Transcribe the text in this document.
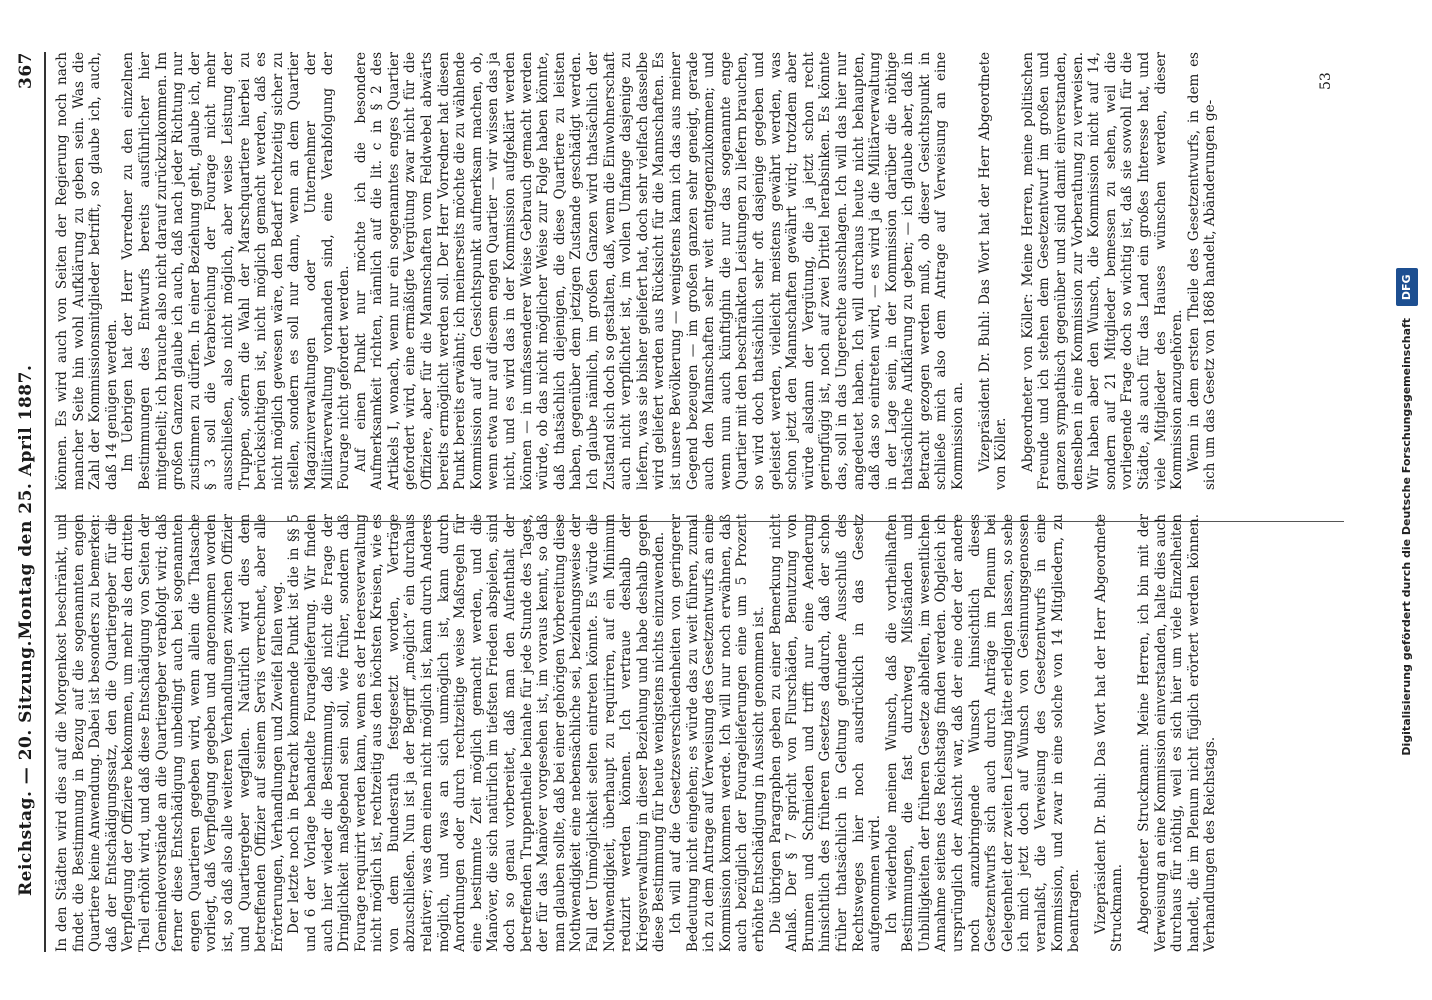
Reichstag. — 20. Sitzung.
Montag den 25. April 1887.
367

In den Städten wird dies auf die Morgenkost beschränkt, und findet die Bestimmung in Bezug auf die sogenannten engen Quartiere keine Anwendung. Dabei ist besonders zu bemerken: daß der Entschädigungssatz, den die Quartiergeber für die Verpflegung der Offiziere bekommen, um mehr als den dritten Theil erhöht wird, und daß diese Entschädigung von Seiten der Gemeindevorstände an die Quartiergeber verabfolgt wird; daß ferner diese Entschädigung unbedingt auch bei sogenannten engen Quartieren gegeben wird, wenn allein die Thatsache vorliegt, daß Verpflegung gegeben und angenommen worden ist, so daß also alle weiteren Verhandlungen zwischen Offizier und Quartiergeber wegfallen. Natürlich wird dies dem betreffenden Offizier auf seinem Servis verrechnet, aber alle Erörterungen, Verhandlungen und Zweifel fallen weg. Der letzte noch in Betracht kommende Punkt ist die in §§ 5 und 6 der Vorlage behandelte Fouragelieferung. Wir finden auch hier wieder die Bestimmung, daß nicht die Frage der Dringlichkeit maßgebend sein soll, wie früher, sondern daß Fourage requirirt werden kann, wenn es der Heeresverwaltung nicht möglich ist, rechtzeitig aus den höchsten Kreisen, wie es von dem Bundesrath festgesetzt worden, Verträge abzuschließen. Nun ist ja der Begriff „möglich“ ein durchaus relativer; was dem einen nicht möglich ist, kann durch Anderes möglich, und was an sich unmöglich ist, kann durch Anordnungen oder durch rechtzeitige weise Maßregeln für eine bestimmte Zeit möglich gemacht werden, und die Manöver, die sich natürlich im tiefsten Frieden abspielen, sind doch so genau vorbereitet, daß man den Aufenthalt der betreffenden Truppentheile beinahe für jede Stunde des Tages, der für das Manöver vorgesehen ist, im voraus kennt, so daß man glauben sollte, daß bei einer gehörigen Vorbereitung diese Nothwendigkeit eine nebensächliche sei, beziehungsweise der Fall der Unmöglichkeit selten eintreten könnte. Es würde die Nothwendigkeit, überhaupt zu requiriren, auf ein Minimum reduzirt werden können. Ich vertraue deshalb der Kriegsverwaltung in dieser Beziehung und habe deshalb gegen diese Bestimmung für heute wenigstens nichts einzuwenden. Ich will auf die Gesetzesverschiedenheiten von geringerer Bedeutung nicht eingehen; es würde das zu weit führen, zumal ich zu dem Antrage auf Verweisung des Gesetzentwurfs an eine Kommission kommen werde. Ich will nur noch erwähnen, daß auch bezüglich der Fouragelieferungen eine um 5 Prozent erhöhte Entschädigung in Aussicht genommen ist. Die übrigen Paragraphen geben zu einer Bemerkung nicht Anlaß. Der § 7 spricht von Flurschäden, Benutzung von Brunnen und Schmieden und trifft nur eine Aenderung hinsichtlich des früheren Gesetzes dadurch, daß der schon früher thatsächlich in Geltung gefundene Ausschluß des Rechtsweges hier noch ausdrücklich in das Gesetz aufgenommen wird. Ich wiederhole meinen Wunsch, daß die vortheilhaften Bestimmungen, die fast durchweg Mißständen und Unbilligkeiten der früheren Gesetze abhelfen, im wesentlichen Annahme seitens des Reichstags finden werden. Obgleich ich ursprünglich der Ansicht war, daß der eine oder der andere noch anzubringende Wunsch hinsichtlich dieses Gesetzentwurfs sich auch durch Anträge im Plenum bei Gelegenheit der zweiten Lesung hätte erledigen lassen, so sehe ich mich jetzt doch auf Wunsch von Gesinnungsgenossen veranlaßt, die Verweisung des Gesetzentwurfs in eine Kommission, und zwar in eine solche von 14 Mitgliedern, zu beantragen. Vizepräsident Dr. Buhl: Das Wort hat der Herr Abgeordnete Struckmann. Abgeordneter Struckmann: Meine Herren, ich bin mit der Verweisung an eine Kommission einverstanden, halte dies auch durchaus für nöthig, weil es sich hier um viele Einzelheiten handelt, die im Plenum nicht füglich erörtert werden können. Verhandlungen des Reichstags.

können. Es wird auch von Seiten der Regierung noch nach mancher Seite hin wohl Aufklärung zu geben sein. Was die Zahl der Kommissionsmitglieder betrifft, so glaube ich, auch, daß 14 genügen werden. Im Uebrigen hat der Herr Vorredner zu den einzelnen Bestimmungen des Entwurfs bereits ausführlicher hier mitgetheilt; ich brauche also nicht darauf zurückzukommen. Im großen Ganzen glaube ich auch, daß nach jeder Richtung nur zustimmen zu dürfen. In einer Beziehung geht, glaube ich, der § 3 soll die Verabreichung der Fourage nicht mehr ausschließen, also nicht möglich, aber weise Leistung der Truppen, sofern die Wahl der Marschquartiere hierbei zu berücksichtigen ist, nicht möglich gemacht werden, daß es nicht möglich gewesen wäre, den Bedarf rechtzeitig sicher zu stellen, sondern es soll nur dann, wenn an dem Quartier Magazinverwaltungen oder Unternehmer der Militärverwaltung vorhanden sind, eine Verabfolgung der Fourage nicht gefordert werden. Auf einen Punkt nur möchte ich die besondere Aufmerksamkeit richten, nämlich auf die lit. c in § 2 des Artikels I, wonach, wenn nur ein sogenanntes enges Quartier gefordert wird, eine ermäßigte Vergütung zwar nicht für die Offiziere, aber für die Mannschaften vom Feldwebel abwärts bereits ermöglicht werden soll. Der Herr Vorredner hat diesen Punkt bereits erwähnt; ich meinerseits möchte die zu wählende Kommission auf den Gesichtspunkt aufmerksam machen, ob, wenn etwa nur auf diesem engen Quartier — wir wissen das ja nicht, und es wird das in der Kommission aufgeklärt werden können — in umfassenderer Weise Gebrauch gemacht werden würde, ob das nicht möglicher Weise zur Folge haben könnte, daß thatsächlich diejenigen, die diese Quartiere zu leisten haben, gegenüber dem jetzigen Zustande geschädigt werden. Ich glaube nämlich, im großen Ganzen wird thatsächlich der Zustand sich doch so gestalten, daß, wenn die Einwohnerschaft auch nicht verpflichtet ist, im vollen Umfange dasjenige zu liefern, was sie bisher geliefert hat, doch sehr vielfach dasselbe wird geliefert werden aus Rücksicht für die Mannschaften. Es ist unsere Bevölkerung — wenigstens kann ich das aus meiner Gegend bezeugen — im großen ganzen sehr geneigt, gerade auch den Mannschaften sehr weit entgegenzukommen; und wenn nun auch künftighin die nur das sogenannte enge Quartier mit den beschränkten Leistungen zu liefern brauchen, so wird doch thatsächlich sehr oft dasjenige gegeben und geleistet werden, vielleicht meistens gewährt werden, was schon jetzt den Mannschaften gewährt wird; trotzdem aber würde alsdann der Vergütung, die ja jetzt schon recht geringfügig ist, noch auf zwei Drittel herabsinken. Es könnte das, soll in das Ungerechte ausschlagen. Ich will das hier nur angedeutet haben. Ich will durchaus heute nicht behaupten, daß das so eintreten wird, — es wird ja die Militärverwaltung in der Lage sein, in der Kommission darüber die nöthige thatsächliche Aufklärung zu geben; — ich glaube aber, daß in Betracht gezogen werden muß, ob dieser Gesichtspunkt in schließe mich also dem Antrage auf Verweisung an eine Kommission an. Vizepräsident Dr. Buhl: Das Wort hat der Herr Abgeordnete von Köller. Abgeordneter von Köller: Meine Herren, meine politischen Freunde und ich stehen dem Gesetzentwurf im großen und ganzen sympathisch gegenüber und sind damit einverstanden, denselben in eine Kommission zur Vorberathung zu verweisen. Wir haben aber den Wunsch, die Kommission nicht auf 14, sondern auf 21 Mitglieder bemessen zu sehen, weil die vorliegende Frage doch so wichtig ist, daß sie sowohl für die Städte, als auch für das Land ein großes Interesse hat, und viele Mitglieder des Hauses wünschen werden, dieser Kommission anzugehören. Wenn in dem ersten Theile des Gesetzentwurfs, in dem es sich um das Gesetz von 1868 handelt, Abänderungen ge-

53
Digitalisierung gefördert durch die Deutsche Forschungsgemeinschaft DFG
